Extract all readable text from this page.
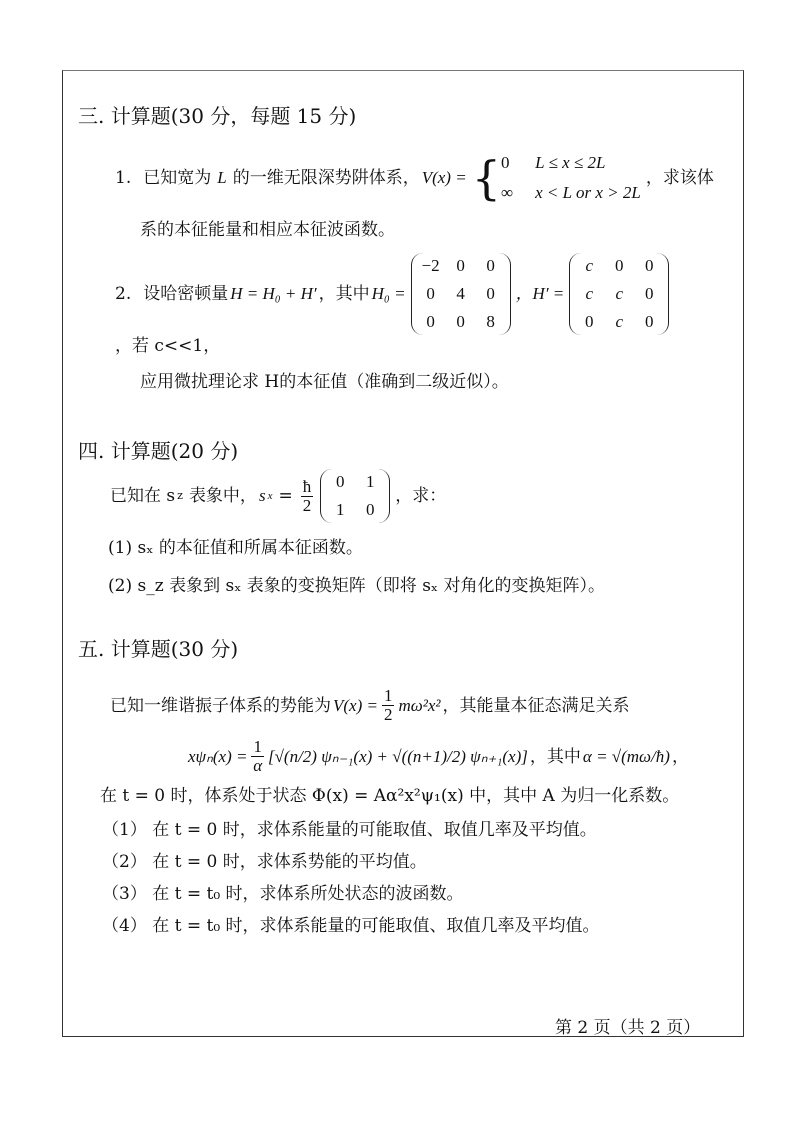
三. 计算题(30 分，每题 15 分)
1. 已知宽为 L 的一维无限深势阱体系， V(x) = { 0 L ≤ x ≤ 2L
∞ x < L or x > 2L
，求该体
系的本征能量和相应本征波函数。
2. 设哈密顿量 H = H₀ + H′ ，其中 H₀ =
−2 0	0
0	4	0
0	0	8
，H′ =
c	0	0
c	c	0
0	c	0
，若 c<<1，
应用微扰理论求 H的本征值（准确到二级近似）。
四. 计算题(20 分)
已知在 s z 表象中， s $x = \frac{ħ}{2}$	0	1
1	0
，求：
(1) sₓ 的本征值和所属本征函数。
(2) s_z 表象到 sₓ 表象的变换矩阵（即将 sₓ 对角化的变换矩阵）。
五. 计算题(30 分)
已知一维谐振子体系的势能为 $V(x) = \frac{1}{2} m\omega^2x^2$ ，其能量本征态满足关系
$x\psi_n(x) = \frac{1}{\alpha} [√(n/2) \psi_{n-1}(x) + √((n+1)/2)$ ψₙ₊₁(x)] ，其中 α = √(mω/ħ) ，
在 t = 0 时，体系处于状态 Φ(x) = Aα²x²ψ₁(x) 中，其中 A 为归一化系数。
（1） 在 t = 0 时，求体系能量的可能取值、取值几率及平均值。
（2） 在 t = 0 时，求体系势能的平均值。
（3） 在 t = t₀ 时，求体系所处状态的波函数。
（4） 在 t = t₀ 时，求体系能量的可能取值、取值几率及平均值。
第 2 页（共 2 页）
